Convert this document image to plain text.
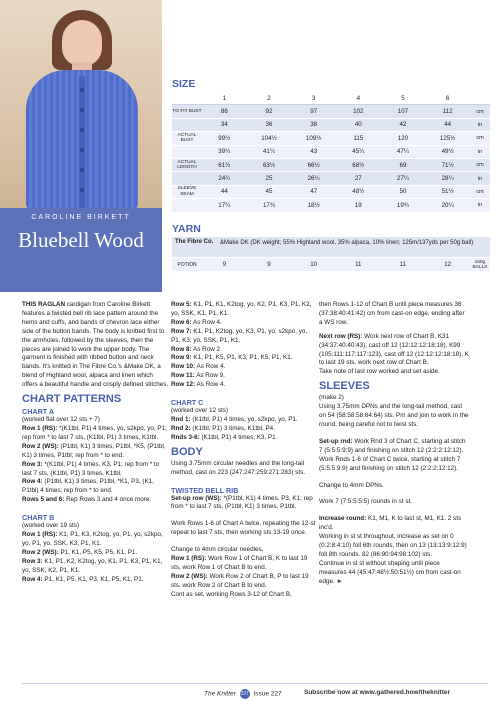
CAROLINE BIRKETT
Bluebell Wood
SIZE
	1	2	3	4	5	6	
TO FIT BUST	86	92	97	102	107	112	cm
	34	36	38	40	42	44	in
ACTUAL BUST	99½	104½	109½	115	120	125½	cm
	39¼	41¼	43	45¼	47¼	49½	in
ACTUAL LENGTH	61½	63½	66½	68½	69	71½	cm
	24¼	25	26¼	27	27¼	28¼	in
SLEEVE SEAM	44	45	47	48½	50	51½	cm
	17¼	17¾	18½	19	19¾	20¼	in
YARN
The Fibre Co. &Make DK (DK weight; 55% Highland wool, 35% alpaca, 10% linen; 125m/137yds per 50g ball)
POTION	9	9	10	11	11	12	x50g BALLS

THIS RAGLAN cardigan from Caroline Birkett features a twisted bell rib lace pattern around the hems and cuffs, and bands of chevron lace either side of the button bands. The body is knitted first to the armholes, followed by the sleeves, then the pieces are joined to work the upper body. The garment is finished with ribbed button and neck bands. It's knitted in The Fibre Co.'s &Make DK, a blend of Highland wool, alpaca and linen which offers a beautiful handle and crisply defined stitches.

CHART PATTERNS

CHART A

(worked flat over 12 sts + 7)

Row 1 (RS): *(K1tbl, P1) 4 times, yo, s2kpo, yo, P1; rep from * to last 7 sts, (K1tbl, P1) 3 times, K1tbl.

Row 2 (WS): (P1tbl, K1) 3 times, P1tbl, *K5, (P1tbl, K1) 3 times, P1tbl; rep from * to end.

Row 3: *(K1tbl, P1) 4 times, K3, P1; rep from * to last 7 sts, (K1tbl, P1) 3 times, K1tbl.

Row 4: (P1tbl, K1) 3 times, P1tbl, *K1, P3, (K1, P1tbl) 4 times; rep from * to end.

Rows 5 and 6: Rep Rows 3 and 4 once more.

CHART B

(worked over 19 sts)

Row 1 (RS): K1, P1, K3, K2tog, yo, P1, yo, s2kpo, yo, P1, yo, SSK, K3, P1, K1.

Row 2 (WS): P1, K1, P5, K5, P5, K1, P1.

Row 3: K1, P1, K2, K2tog, yo, K1, P1, K3, P1, K1, yo, SSK, K2, P1, K1.

Row 4: P1, K1, P5, K1, P3, K1, P5, K1, P1.

Row 5: K1, P1, K1, K2tog, yo, K2, P1, K3, P1, K2, yo, SSK, K1, P1, K1.

Row 6: As Row 4.

Row 7: K1, P1, K2tog, yo, K3, P1, yo, s2kpo, yo, P1, K3, yo, SSK, P1, K1.

Row 8: As Row 2.

Row 9: K1, P1, K5, P1, K3, P1, K5, P1, K1.

Row 10: As Row 4.

Row 11: As Row 9.

Row 12: As Row 4.

CHART C

(worked over 12 sts)

Rnd 1: (K1tbl, P1) 4 times, yo, s2kpo, yo, P1.

Rnd 2: (K1tbl, P1) 3 times, K1tbl, P4.

Rnds 3-6: (K1tbl, P1) 4 times, K3, P1.

BODY

Using 3.75mm circular needles and the long-tail method, cast on 223 (247:247:259:271:283) sts.

TWISTED BELL RIB

Set-up row (WS): *(P1tbl, K1) 4 times, P3, K1; rep from * to last 7 sts, (P1tbl, K1) 3 times, P1tbl.

Work Rows 1-6 of Chart A twice, repeating the 12-st repeat to last 7 sts, then working sts 13-19 once.

Change to 4mm circular needles.

Row 1 (RS): Work Row 1 of Chart B, K to last 19 sts, work Row 1 of Chart B to end.

Row 2 (WS): Work Row 2 of Chart B, P to last 19 sts, work Row 2 of Chart B to end.

Cont as set, working Rows 3-12 of Chart B,

then Rows 1-12 of Chart B until piece measures 36 (37:38:40:41:42) cm from cast-on edge, ending after a WS row.

Next row (RS): Work next row of Chart B, K31 (34:37:40:40:43), cast off 12 (12:12:12:18:18), K99 (105:111:117:117:123), cast off 12 (12:12:12:18:18), K to last 19 sts, work next row of Chart B.

Take note of last row worked and set aside.

SLEEVES

(make 2)

Using 3.75mm DPNs and the long-tail method, cast on 54 (58:58:58:64:64) sts. Pm and join to work in the round, being careful not to twist sts.

Set-up rnd: Work Rnd 3 of Chart C, starting at stitch 7 (5:5:5:9:9) and finishing on stitch 12 (2:2:2:12:12).

Work Rnds 1-6 of Chart C twice, starting at stitch 7 (5:5:5:9:9) and finishing on stitch 12 (2:2:2:12:12).

Change to 4mm DPNs.

Work 7 (7:5:5:5:5) rounds in st st.

Increase round: K1, M1, K to last st, M1, K1. 2 sts inc'd.

Working in st st throughout, increase as set on 0 (0:2:8:4:10) foll 6th rounds, then on 13 (13:13:9:12:9) foll 8th rounds. 82 (86:90:94:98:102) sts.

Continue in st st without shaping until piece measures 44 (45:47:48½:50:51½) cm from cast-on edge. ►

The Knitter 227 Issue 227	Subscribe now at www.gathered.how/theknitter
